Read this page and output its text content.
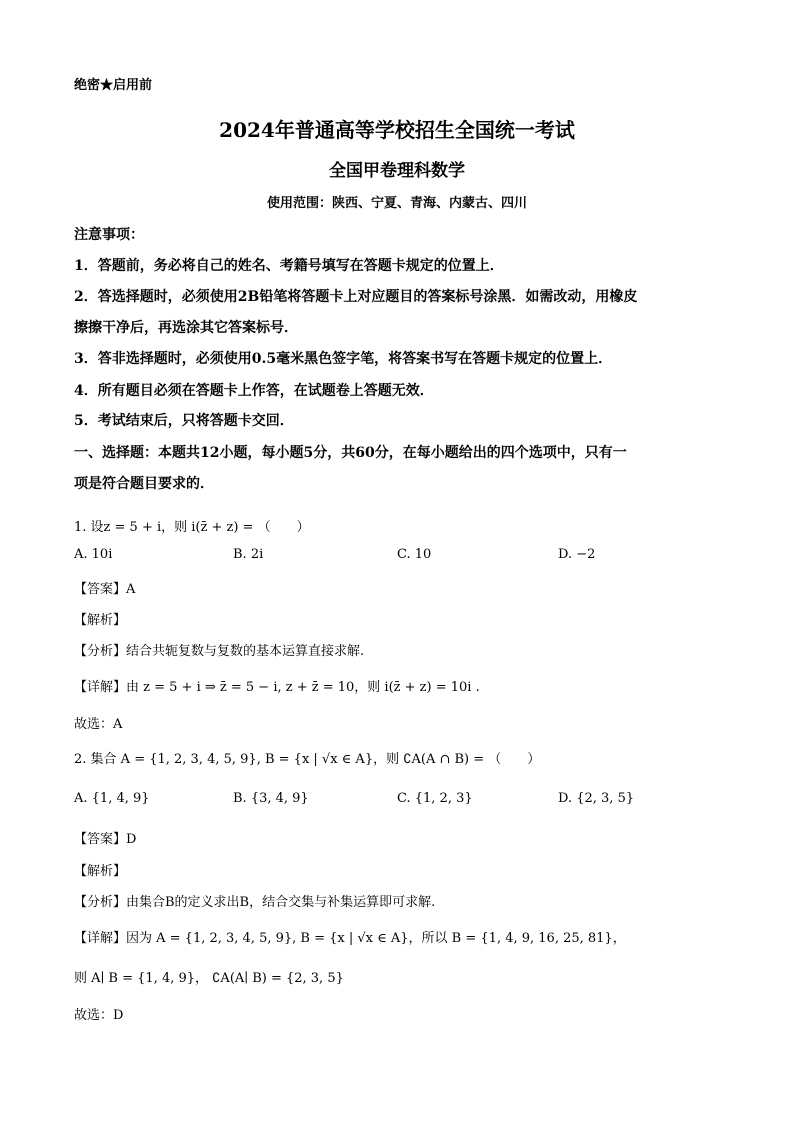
绝密★启用前
2024年普通高等学校招生全国统一考试
全国甲卷理科数学
使用范围：陕西、宁夏、青海、内蒙古、四川
注意事项：
1．答题前，务必将自己的姓名、考籍号填写在答题卡规定的位置上．
2．答选择题时，必须使用2B铅笔将答题卡上对应题目的答案标号涂黑．如需改动，用橡皮
擦擦干净后，再选涂其它答案标号．
3．答非选择题时，必须使用0.5毫米黑色签字笔，将答案书写在答题卡规定的位置上．
4．所有题目必须在答题卡上作答，在试题卷上答题无效．
5．考试结束后，只将答题卡交回．
一、选择题：本题共12小题，每小题5分，共60分，在每小题给出的四个选项中，只有一
项是符合题目要求的．
1. 设z = 5 + i，则 i(z̄ + z) = （　　）
A. 10i	B. 2i	C. 10	D. −2
【答案】A
【解析】
【分析】结合共轭复数与复数的基本运算直接求解.
【详解】由 z = 5 + i ⇒ z̄ = 5 − i, z + z̄ = 10，则 i(z̄ + z) = 10i .
故选：A
2. 集合 A = {1, 2, 3, 4, 5, 9}, B = {x | √x ∈ A}，则 ∁A(A ∩ B) = （　　）
A. {1, 4, 9}	B. {3, 4, 9}	C. {1, 2, 3}	D. {2, 3, 5}
【答案】D
【解析】
【分析】由集合B的定义求出B，结合交集与补集运算即可求解.
【详解】因为 A = {1, 2, 3, 4, 5, 9}, B = {x | √x ∈ A}，所以 B = {1, 4, 9, 16, 25, 81}，
则 A∣ B = {1, 4, 9}， ∁A(A∣ B) = {2, 3, 5}
故选：D
